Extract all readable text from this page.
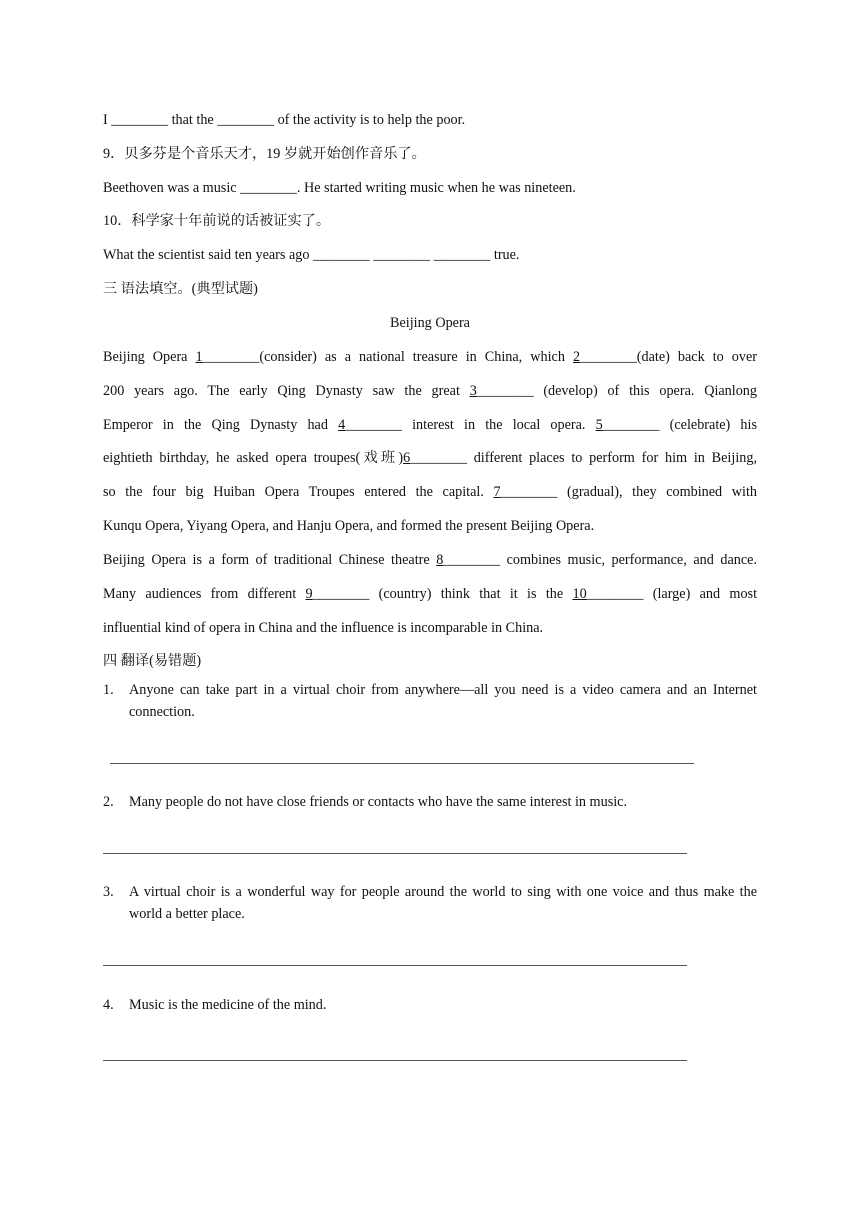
I ________ that the ________ of the activity is to help the poor.
9．贝多芬是个音乐天才，19 岁就开始创作音乐了。
Beethoven was a music ________. He started writing music when he was nineteen.
10．科学家十年前说的话被证实了。
What the scientist said ten years ago ________ ________ ________ true.
三 语法填空。(典型试题)
Beijing Opera
Beijing Opera 1________(consider) as a national treasure in China, which 2________(date) back to over
200 years ago. The early Qing Dynasty saw the great 3________ (develop) of this opera. Qianlong
Emperor in the Qing Dynasty had 4________ interest in the local opera. 5________ (celebrate) his
eightieth birthday, he asked opera troupes(戏班)6________ different places to perform for him in Beijing,
so the four big Huiban Opera Troupes entered the capital. 7________ (gradual), they combined with
Kunqu Opera, Yiyang Opera, and Hanju Opera, and formed the present Beijing Opera.
Beijing Opera is a form of traditional Chinese theatre 8________ combines music, performance, and dance.
Many audiences from different 9________ (country) think that it is the 10________ (large) and most
influential kind of opera in China and the influence is incomparable in China.
四 翻译(易错题)
1. Anyone can take part in a virtual choir from anywhere—all you need is a video camera and an Internet connection.
2. Many people do not have close friends or contacts who have the same interest in music.
3. A virtual choir is a wonderful way for people around the world to sing with one voice and thus make the world a better place.
4. Music is the medicine of the mind.
